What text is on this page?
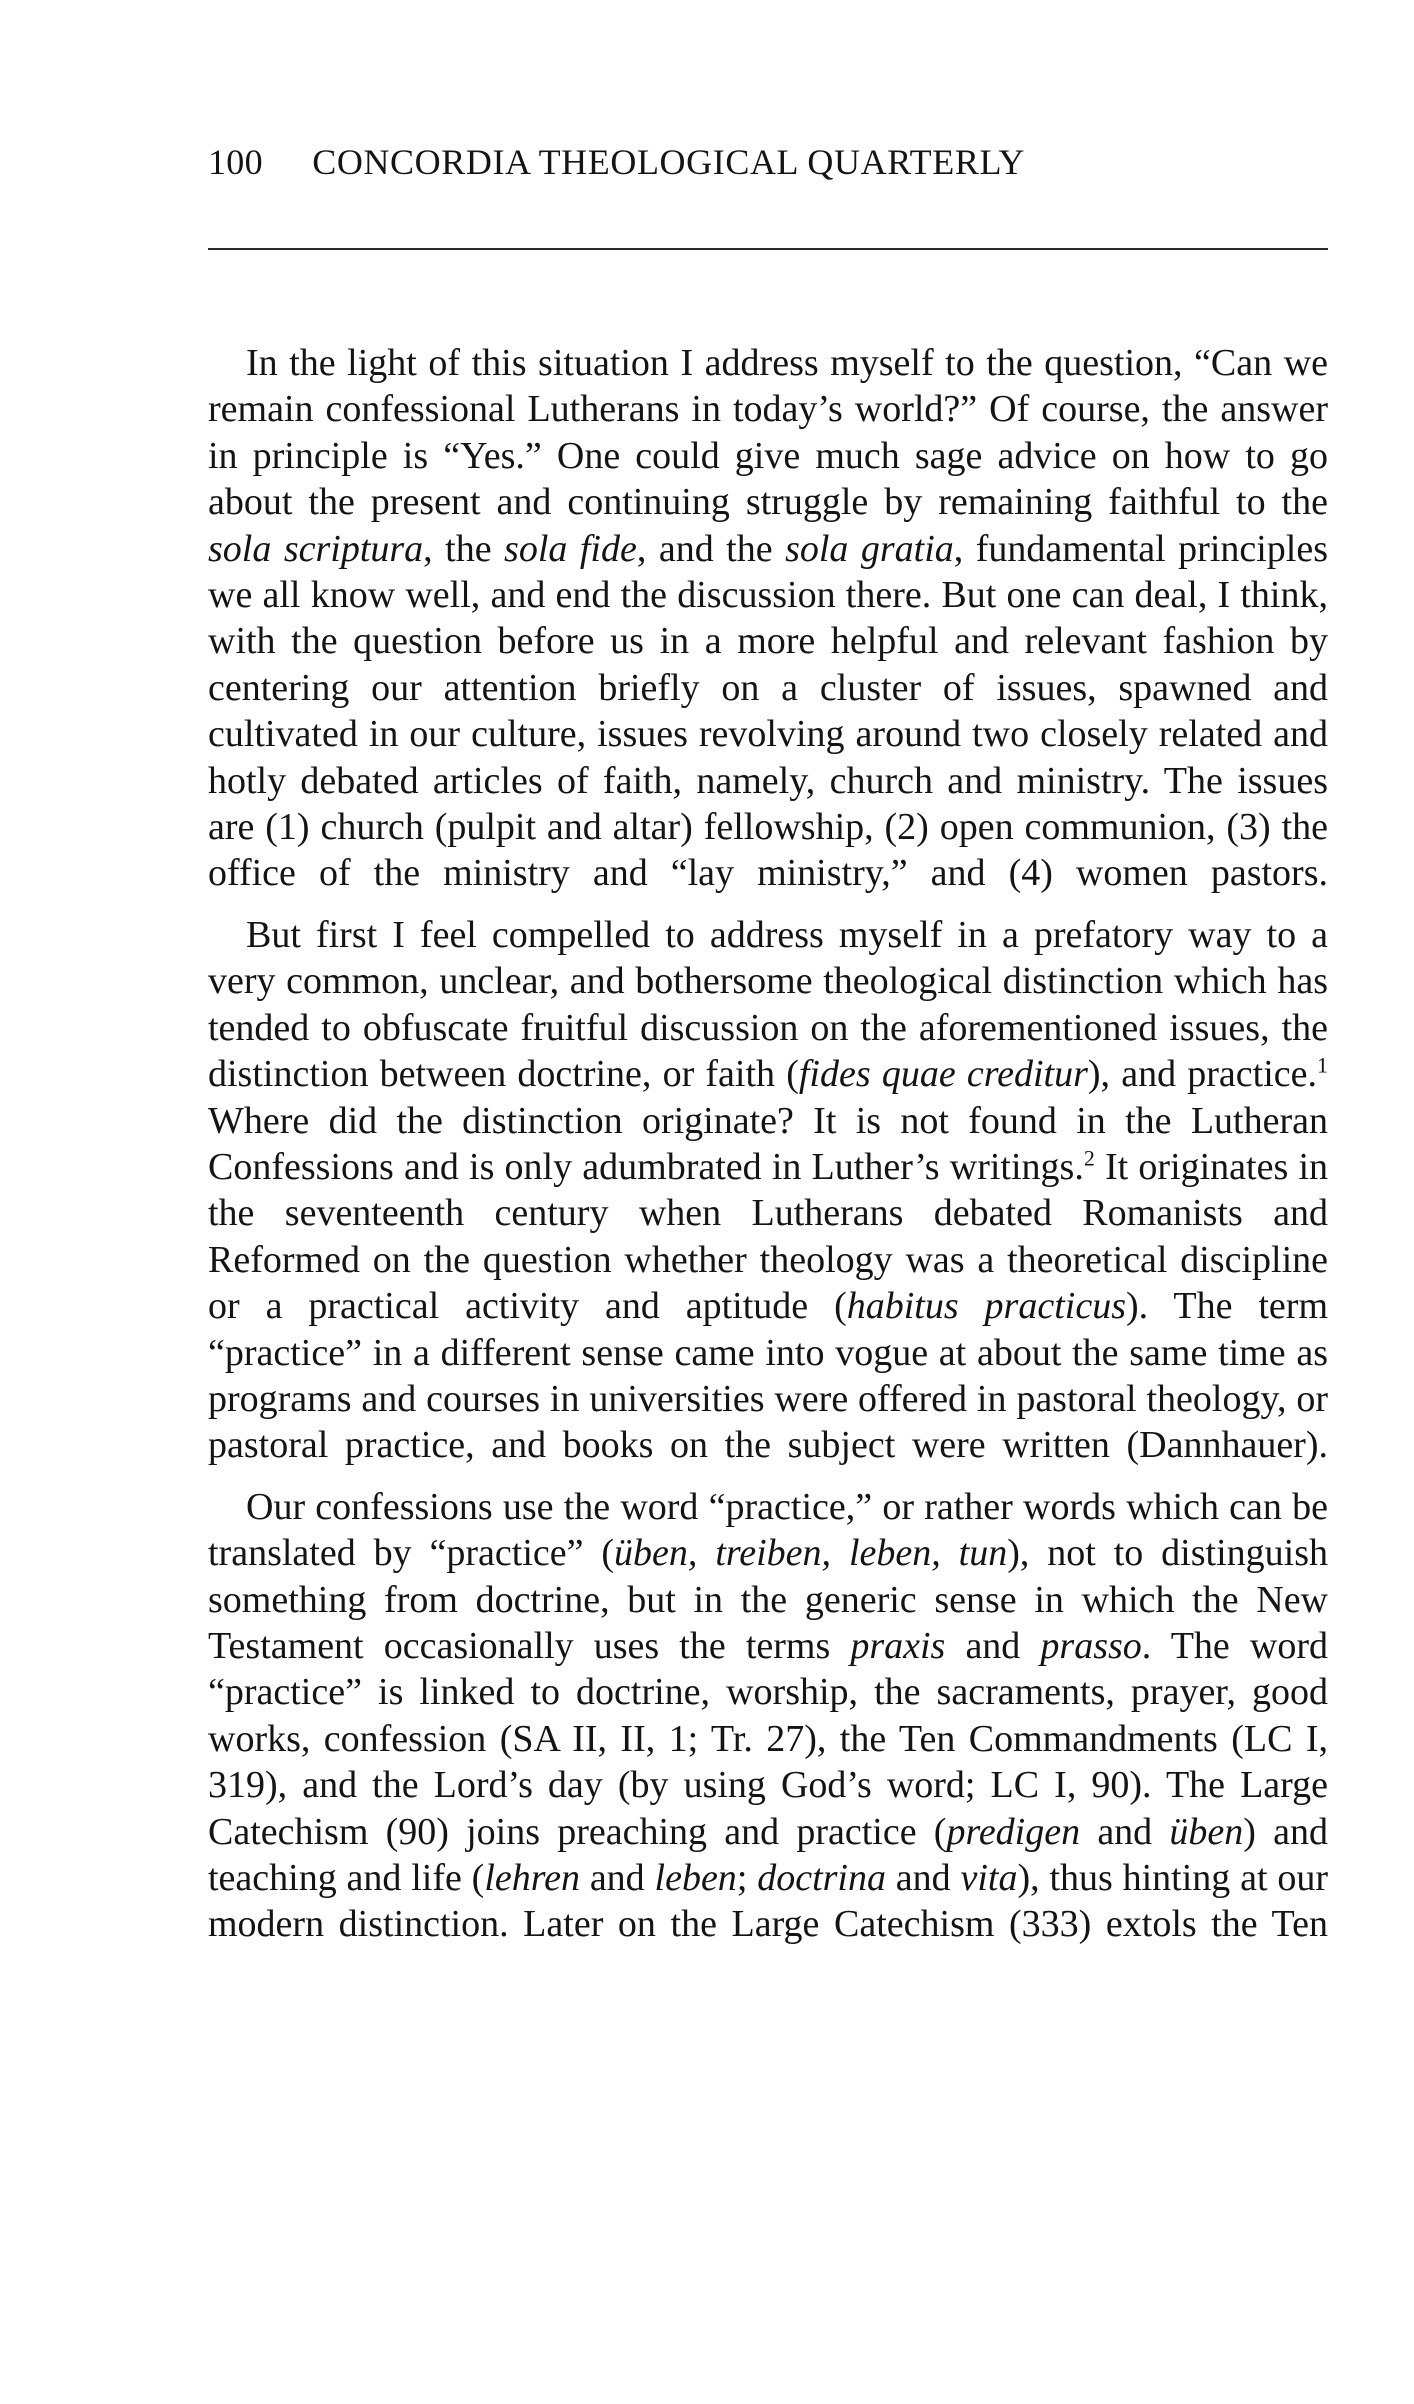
100 CONCORDIA THEOLOGICAL QUARTERLY

In the light of this situation I address myself to the question, “Can we remain confessional Lutherans in today’s world?” Of course, the answer in principle is “Yes.” One could give much sage advice on how to go about the present and continuing struggle by remaining faithful to the sola scriptura, the sola fide, and the sola gratia, fundamental principles we all know well, and end the discussion there. But one can deal, I think, with the question before us in a more helpful and relevant fashion by centering our attention briefly on a cluster of issues, spawned and cultivated in our culture, issues revolving around two closely related and hotly debated articles of faith, namely, church and ministry. The issues are (1) church (pulpit and altar) fellowship, (2) open communion, (3) the office of the ministry and “lay ministry,” and (4) women pastors.

But first I feel compelled to address myself in a prefatory way to a very common, unclear, and bothersome theological distinction which has tended to obfuscate fruitful discussion on the aforementioned issues, the distinction between doctrine, or faith (fides quae creditur), and practice.$^1$ Where did the distinction originate? It is not found in the Lutheran Confessions and is only adumbrated in Luther’s writings.$^2$ It originates in the seventeenth century when Lutherans debated Romanists and Reformed on the question whether theology was a theoretical discipline or a practical activity and aptitude (habitus practicus). The term “practice” in a different sense came into vogue at about the same time as programs and courses in universities were offered in pastoral theology, or pastoral practice, and books on the subject were written (Dannhauer).

Our confessions use the word “practice,” or rather words which can be translated by “practice” (üben, treiben, leben, tun), not to distinguish something from doctrine, but in the generic sense in which the New Testament occasionally uses the terms praxis and prasso. The word “practice” is linked to doctrine, worship, the sacraments, prayer, good works, confession (SA II, II, 1; Tr. 27), the Ten Commandments (LC I, 319), and the Lord’s day (by using God’s word; LC I, 90). The Large Catechism (90) joins preaching and practice (predigen and üben) and teaching and life (lehren and leben; doctrina and vita), thus hinting at our modern distinction. Later on the Large Catechism (333) extols the Ten
